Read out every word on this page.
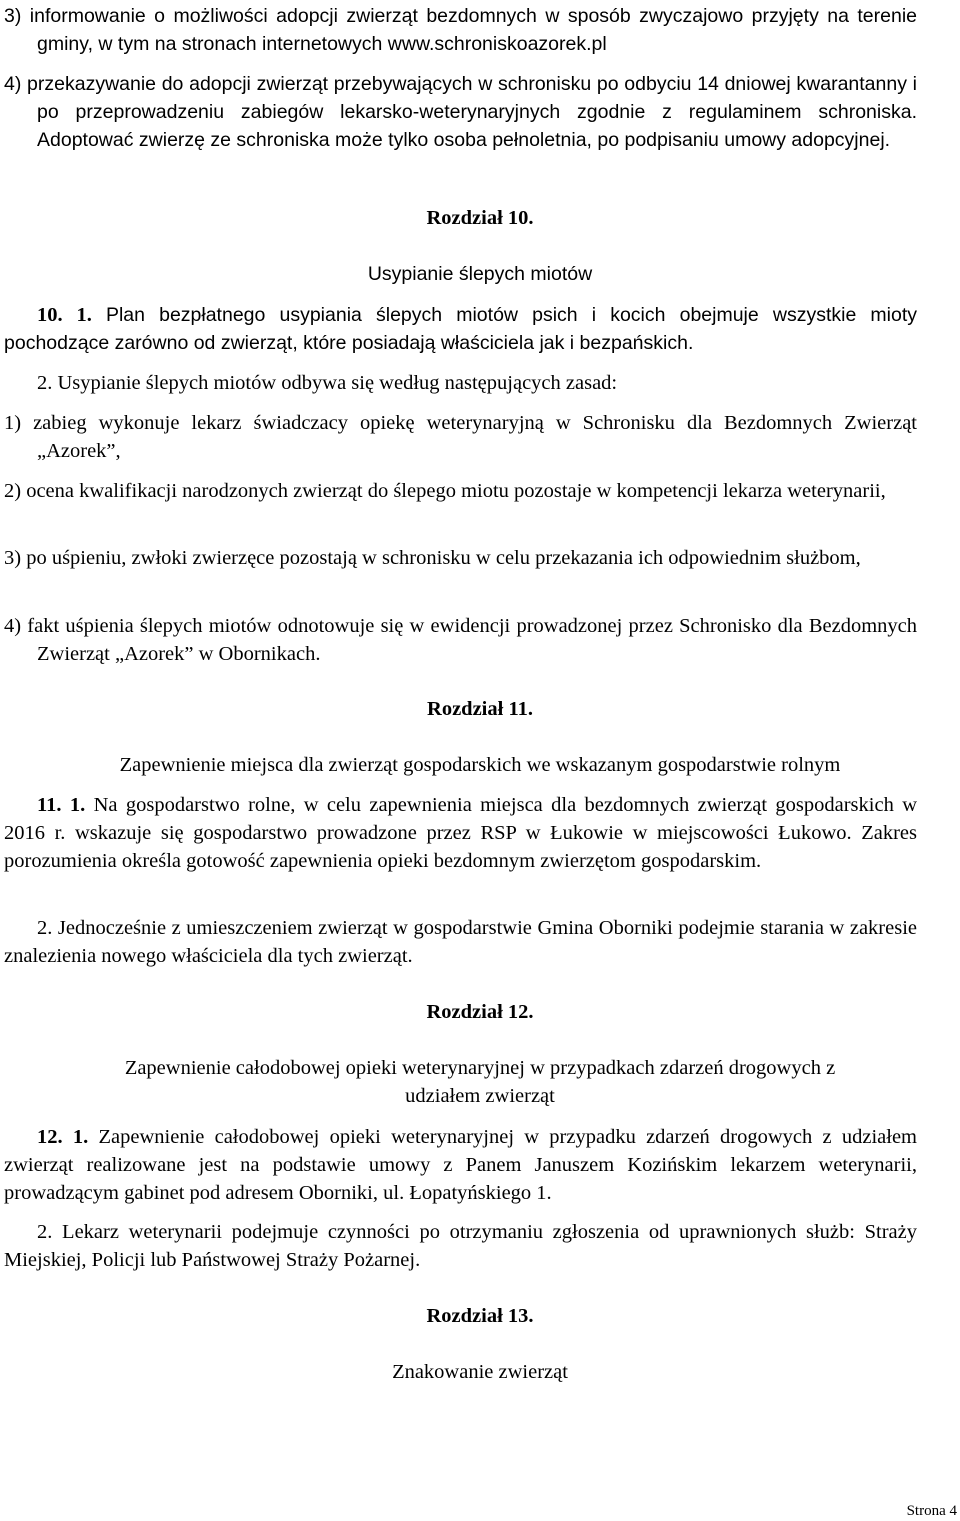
3) informowanie o możliwości adopcji zwierząt bezdomnych w sposób zwyczajowo przyjęty na terenie gminy, w tym na stronach internetowych www.schroniskoazorek.pl

4) przekazywanie do adopcji zwierząt przebywających w schronisku po odbyciu 14 dniowej kwarantanny i po przeprowadzeniu zabiegów lekarsko-weterynaryjnych zgodnie z regulaminem schroniska. Adoptować zwierzę ze schroniska może tylko osoba pełnoletnia, po podpisaniu umowy adopcyjnej.

Rozdział 10.

Usypianie ślepych miotów

10. 1. Plan bezpłatnego usypiania ślepych miotów psich i kocich obejmuje wszystkie mioty pochodzące zarówno od zwierząt, które posiadają właściciela jak i bezpańskich.

2. Usypianie ślepych miotów odbywa się według następujących zasad:

1) zabieg wykonuje lekarz świadczacy opiekę weterynaryjną w Schronisku dla Bezdomnych Zwierząt „Azorek”,

2) ocena kwalifikacji narodzonych zwierząt do ślepego miotu pozostaje w kompetencji lekarza weterynarii,

3) po uśpieniu, zwłoki zwierzęce pozostają w schronisku w celu przekazania ich odpowiednim służbom,

4) fakt uśpienia ślepych miotów odnotowuje się w ewidencji prowadzonej przez Schronisko dla Bezdomnych Zwierząt „Azorek” w Obornikach.

Rozdział 11.

Zapewnienie miejsca dla zwierząt gospodarskich we wskazanym gospodarstwie rolnym

11. 1. Na gospodarstwo rolne, w celu zapewnienia miejsca dla bezdomnych zwierząt gospodarskich w 2016 r. wskazuje się gospodarstwo prowadzone przez RSP w Łukowie w miejscowości Łukowo. Zakres porozumienia określa gotowość zapewnienia opieki bezdomnym zwierzętom gospodarskim.

2. Jednocześnie z umieszczeniem zwierząt w gospodarstwie Gmina Oborniki podejmie starania w zakresie znalezienia nowego właściciela dla tych zwierząt.

Rozdział 12.

Zapewnienie całodobowej opieki weterynaryjnej w przypadkach zdarzeń drogowych z

udziałem zwierząt

12. 1. Zapewnienie całodobowej opieki weterynaryjnej w przypadku zdarzeń drogowych z udziałem zwierząt realizowane jest na podstawie umowy z Panem Januszem Kozińskim lekarzem weterynarii, prowadzącym gabinet pod adresem Oborniki, ul. Łopatyńskiego 1.

2. Lekarz weterynarii podejmuje czynności po otrzymaniu zgłoszenia od uprawnionych służb: Straży Miejskiej, Policji lub Państwowej Straży Pożarnej.

Rozdział 13.

Znakowanie zwierząt

Strona 4
